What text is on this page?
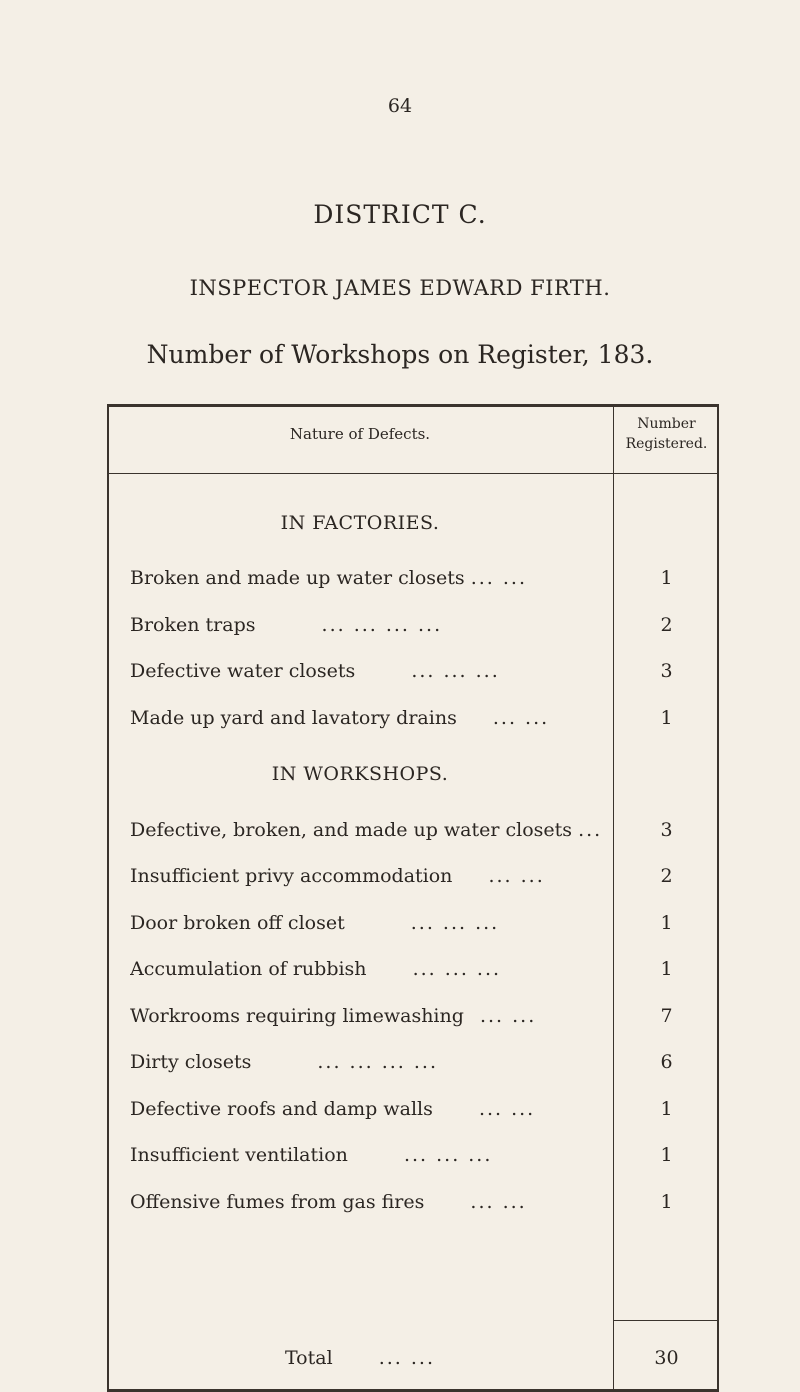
64
DISTRICT C.
INSPECTOR JAMES EDWARD FIRTH.
Number of Workshops on Register, 183.
Nature of Defects.
Number
Registered.
IN FACTORIES.
Broken and made up water closets ... ...	1
Broken traps	... ... ... ...	2
Defective water closets	... ... ...	3
Made up yard and lavatory drains ... ...	1
IN WORKSHOPS.
Defective, broken, and made up water closets ...	3
Insufficient privy accommodation ... ...	2
Door broken off closet	... ... ...	1
Accumulation of rubbish ... ... ...	1
Workrooms requiring limewashing ... ...	7
Dirty closets	... ... ... ...	6
Defective roofs and damp walls ... ...	1
Insufficient ventilation	... ... ...	1
Offensive fumes from gas fires ... ...	1
Total ... ...	30
